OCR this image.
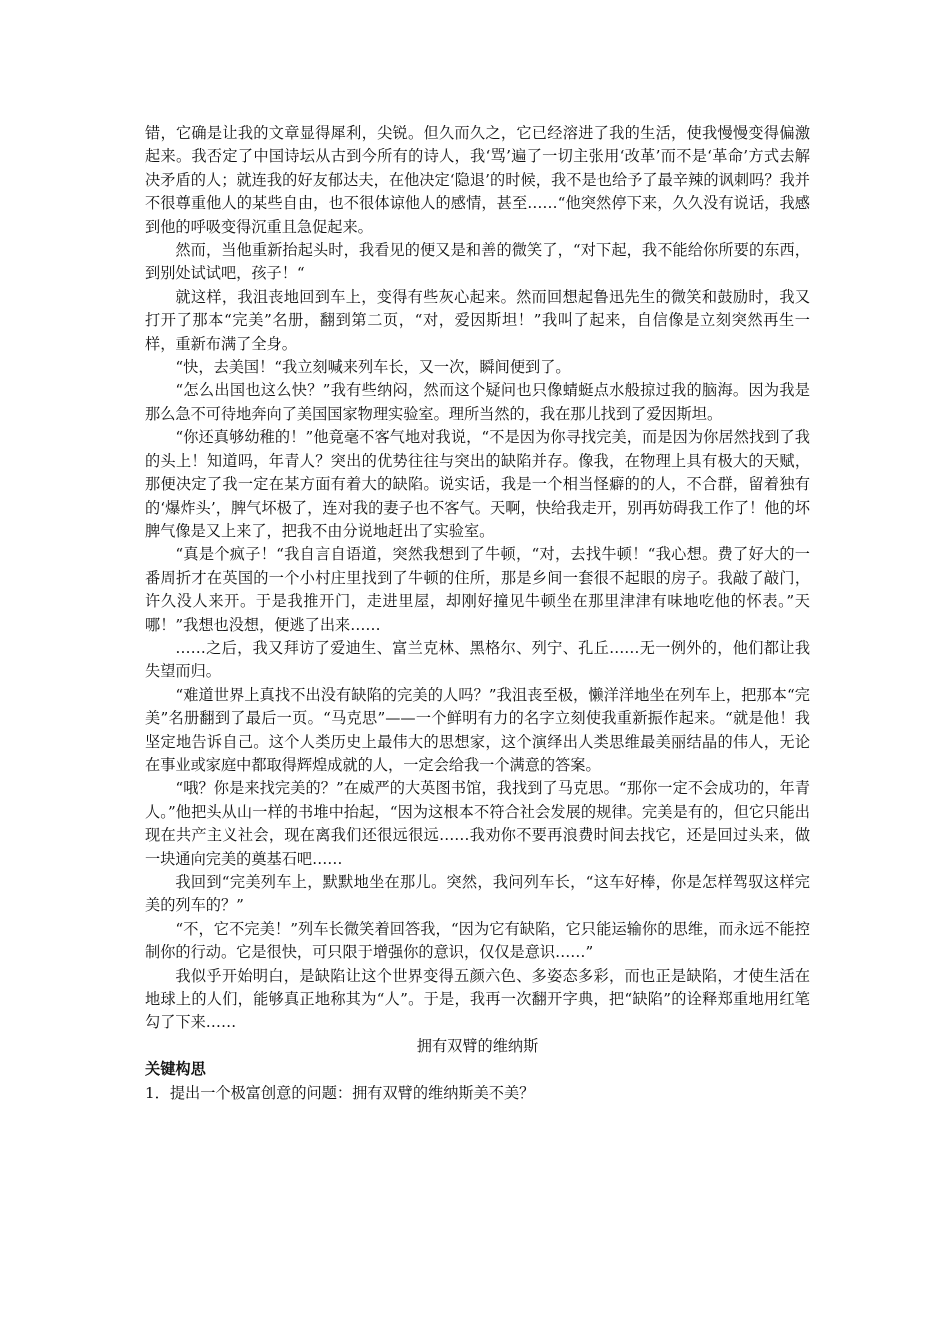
错，它确是让我的文章显得犀利，尖锐。但久而久之，它已经溶进了我的生活，使我慢慢变得偏激起来。我否定了中国诗坛从古到今所有的诗人，我‘骂’遍了一切主张用‘改革’而不是‘革命’方式去解决矛盾的人；就连我的好友郁达夫，在他决定‘隐退’的时候，我不是也给予了最辛辣的讽刺吗？我并不很尊重他人的某些自由，也不很体谅他人的感情，甚至……“他突然停下来，久久没有说话，我感到他的呼吸变得沉重且急促起来。

然而，当他重新抬起头时，我看见的便又是和善的微笑了，“对下起，我不能给你所要的东西，到别处试试吧，孩子！“

就这样，我沮丧地回到车上，变得有些灰心起来。然而回想起鲁迅先生的微笑和鼓励时，我又打开了那本“完美”名册，翻到第二页，“对，爱因斯坦！”我叫了起来，自信像是立刻突然再生一样，重新布满了全身。

“快，去美国！“我立刻喊来列车长，又一次，瞬间便到了。

“怎么出国也这么快？”我有些纳闷，然而这个疑问也只像蜻蜓点水般掠过我的脑海。因为我是那么急不可待地奔向了美国国家物理实验室。理所当然的，我在那儿找到了爱因斯坦。

“你还真够幼稚的！”他竟毫不客气地对我说，“不是因为你寻找完美，而是因为你居然找到了我的头上！知道吗，年青人？突出的优势往往与突出的缺陷并存。像我，在物理上具有极大的天赋，那便决定了我一定在某方面有着大的缺陷。说实话，我是一个相当怪癖的的人，不合群，留着独有的‘爆炸头’，脾气坏极了，连对我的妻子也不客气。天啊，快给我走开，别再妨碍我工作了！他的坏脾气像是又上来了，把我不由分说地赶出了实验室。

“真是个疯子！“我自言自语道，突然我想到了牛顿，“对，去找牛顿！“我心想。费了好大的一番周折才在英国的一个小村庄里找到了牛顿的住所，那是乡间一套很不起眼的房子。我敲了敲门，许久没人来开。于是我推开门，走进里屋，却刚好撞见牛顿坐在那里津津有味地吃他的怀表。”天哪！”我想也没想，便逃了出来……

……之后，我又拜访了爱迪生、富兰克林、黑格尔、列宁、孔丘……无一例外的，他们都让我失望而归。

“难道世界上真找不出没有缺陷的完美的人吗？”我沮丧至极，懒洋洋地坐在列车上，把那本“完美”名册翻到了最后一页。“马克思”——一个鲜明有力的名字立刻使我重新振作起来。“就是他！我坚定地告诉自己。这个人类历史上最伟大的思想家，这个演绎出人类思维最美丽结晶的伟人，无论在事业或家庭中都取得辉煌成就的人，一定会给我一个满意的答案。

“哦？你是来找完美的？”在威严的大英图书馆，我找到了马克思。“那你一定不会成功的，年青人。”他把头从山一样的书堆中抬起，“因为这根本不符合社会发展的规律。完美是有的，但它只能出现在共产主义社会，现在离我们还很远很远……我劝你不要再浪费时间去找它，还是回过头来，做一块通向完美的奠基石吧……

我回到“完美列车上，默默地坐在那儿。突然，我问列车长，“这车好棒，你是怎样驾驭这样完美的列车的？”

“不，它不完美！”列车长微笑着回答我，“因为它有缺陷，它只能运输你的思维，而永远不能控制你的行动。它是很快，可只限于增强你的意识，仅仅是意识……”

我似乎开始明白，是缺陷让这个世界变得五颜六色、多姿态多彩，而也正是缺陷，才使生活在地球上的人们，能够真正地称其为“人”。于是，我再一次翻开字典，把“缺陷”的诠释郑重地用红笔勾了下来……

拥有双臂的维纳斯

关键构思

1．提出一个极富创意的问题：拥有双臂的维纳斯美不美？
